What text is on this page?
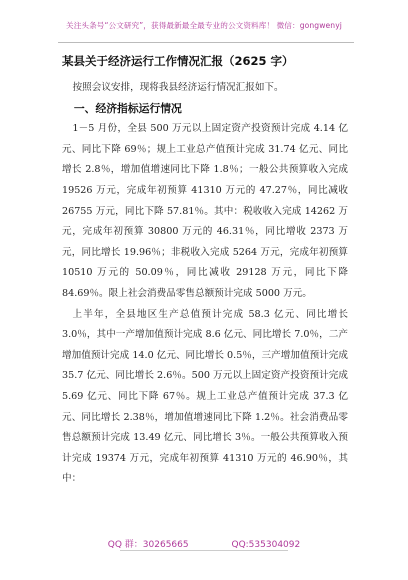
关注头条号“公文研究”，获得最新最全最专业的公文资料库！ 微信：gongwenyj
某县关于经济运行工作情况汇报（2625 字）

按照会议安排，现将我县经济运行情况汇报如下。

一、经济指标运行情况

1－5 月份，全县 500 万元以上固定资产投资预计完成 4.14 亿元、同比下降 69％；规上工业总产值预计完成 31.74 亿元、同比增长 2.8％，增加值增速同比下降 1.8％；一般公共预算收入完成 19526 万元，完成年初预算 41310 万元的 47.27％，同比减收 26755 万元，同比下降 57.81％。其中：税收收入完成 14262 万元，完成年初预算 30800 万元的 46.31％，同比增收 2373 万元，同比增长 19.96％；非税收入完成 5264 万元，完成年初预算 10510 万元的 50.09％，同比减收 29128 万元，同比下降 84.69％。限上社会消费品零售总额预计完成 5000 万元。

上半年，全县地区生产总值预计完成 58.3 亿元、同比增长 3.0％，其中一产增加值预计完成 8.6 亿元、同比增长 7.0％，二产增加值预计完成 14.0 亿元、同比增长 0.5％，三产增加值预计完成 35.7 亿元、同比增长 2.6％。500 万元以上固定资产投资预计完成 5.69 亿元、同比下降 67％。规上工业总产值预计完成 37.3 亿元、同比增长 2.38％，增加值增速同比下降 1.2％。社会消费品零售总额预计完成 13.49 亿元、同比增长 3％。一般公共预算收入预计完成 19374 万元，完成年初预算 41310 万元的 46.90％，其中：

QQ 群：30265665	QQ:535304092
